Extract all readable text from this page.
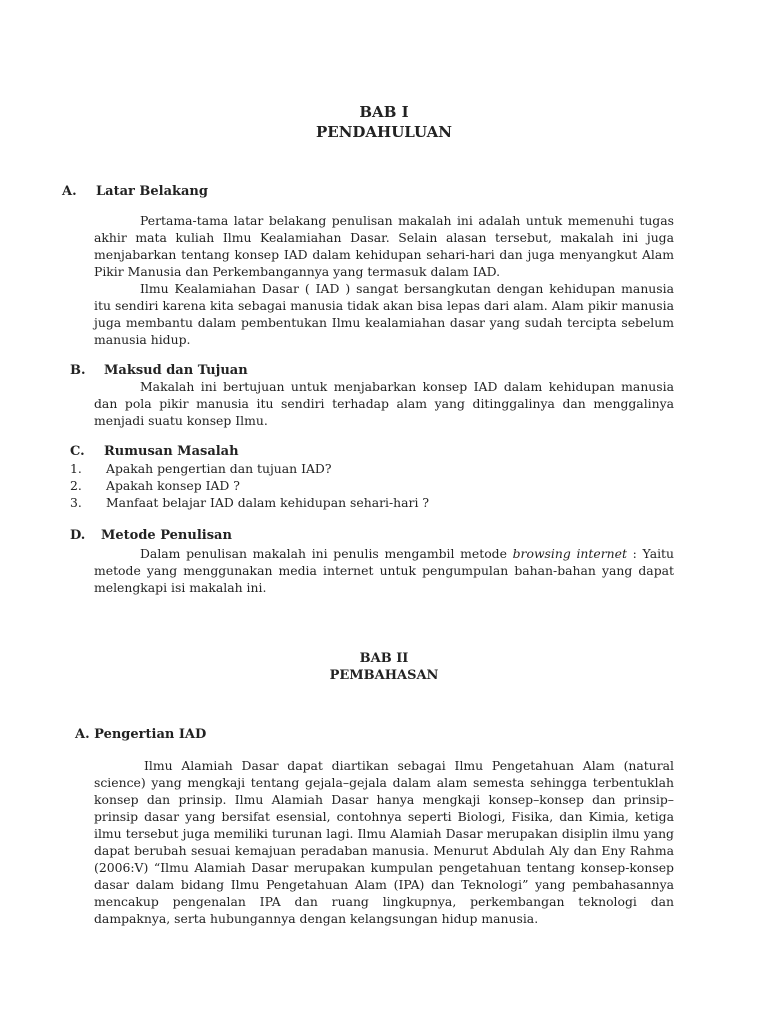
BAB I
PENDAHULUAN
A. Latar Belakang
Pertama-tama latar belakang penulisan makalah ini adalah untuk memenuhi tugas akhir mata kuliah Ilmu Kealamiahan Dasar. Selain alasan tersebut, makalah ini juga menjabarkan tentang konsep IAD dalam kehidupan sehari-hari dan juga menyangkut Alam Pikir Manusia dan Perkembangannya yang termasuk dalam IAD.
Ilmu Kealamiahan Dasar ( IAD ) sangat bersangkutan dengan kehidupan manusia itu sendiri karena kita sebagai manusia tidak akan bisa lepas dari alam. Alam pikir manusia juga membantu dalam pembentukan Ilmu kealamiahan dasar yang sudah tercipta sebelum manusia hidup.
B. Maksud dan Tujuan
Makalah ini bertujuan untuk menjabarkan konsep IAD dalam kehidupan manusia dan pola pikir manusia itu sendiri terhadap alam yang ditinggalinya dan menggalinya menjadi suatu konsep Ilmu.
C. Rumusan Masalah
1. Apakah pengertian dan tujuan IAD?
2. Apakah konsep IAD ?
3. Manfaat belajar IAD dalam kehidupan sehari-hari ?
D. Metode Penulisan
Dalam penulisan makalah ini penulis mengambil metode browsing internet : Yaitu metode yang menggunakan media internet untuk pengumpulan bahan-bahan yang dapat melengkapi isi makalah ini.
BAB II
PEMBAHASAN
A. Pengertian IAD
Ilmu Alamiah Dasar dapat diartikan sebagai Ilmu Pengetahuan Alam (natural science) yang mengkaji tentang gejala–gejala dalam alam semesta sehingga terbentuklah konsep dan prinsip. Ilmu Alamiah Dasar hanya mengkaji konsep–konsep dan prinsip–prinsip dasar yang bersifat esensial, contohnya seperti Biologi, Fisika, dan Kimia, ketiga ilmu tersebut juga memiliki turunan lagi. Ilmu Alamiah Dasar merupakan disiplin ilmu yang dapat berubah sesuai kemajuan peradaban manusia. Menurut Abdulah Aly dan Eny Rahma (2006:V) “Ilmu Alamiah Dasar merupakan kumpulan pengetahuan tentang konsep-konsep dasar dalam bidang Ilmu Pengetahuan Alam (IPA) dan Teknologi” yang pembahasannya mencakup pengenalan IPA dan ruang lingkupnya, perkembangan teknologi dan dampaknya, serta hubungannya dengan kelangsungan hidup manusia.
